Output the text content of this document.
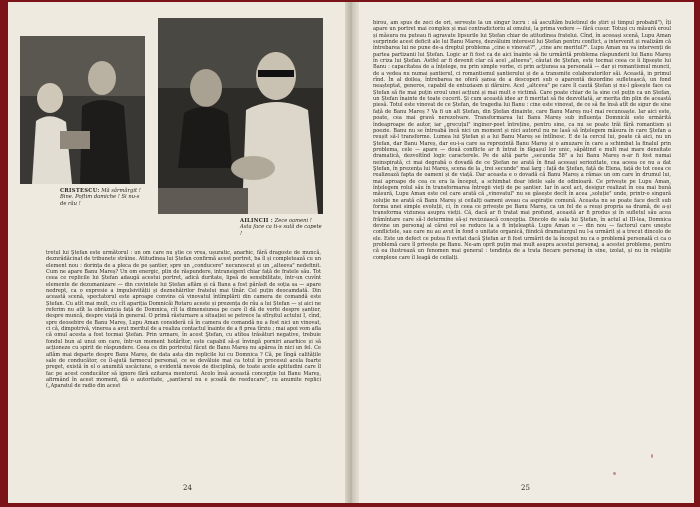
CRISTESCU: Mă sărmărgit ! Bine. Poftim damiche ! Si nu-s de rău !
AILINCII : Zece oameni ! Asta face ca ti-s sută de capete !
tretul lui Ştefan este următorul : un om care nu ştie ce vrea, ușuratic, anarhic, fără dragoste de muncă, deznrădăcinat de tribunete străine. Atitudinea lui Ștefan confirmă acest portret, ba îl și completează cu un element nou : dorința de a pleca de pe șantier, spre un „conducere" necunoscut și un „alteeva" nedefinit. Cum ne apare Banu Mareș? Un om energic, plin de răspundere, intransigent chiar față de fratele său. Tot ceea ce replicile lui Ștefan adaugă acestui portret, adică duritate, lipsă de sensibilitate, într-un cuvînt elemente de dezumanizare — din cuvintele lui Ștefan aflăm și că Banu a fost părăsit de soția sa — apare nedrept, ca o expresie a impulsivității și deznehăirilor fratelui mai tînăr. Cel puțin deocamdată. Din această scenă, spectatorul este aproape convins că vinovatul întîmplării din camera de comandă este Ștefan. Cu atît mai mult, cu cît apariția Domnicăi Rotaru aceste și prezența de rău a lui Ștefan — și aici ne referim nu atît la obrăznicia față de Domnica, cît la dimensiunea pe care îl dă de vorbi despre șantier, despre muncă, despre viață în general. O primă răsturnare a situației se petrece la sfîrșitul actului I, cînd, spre deosebire de Banu Mareș, Lupu Aman consideră că în camera de comandă nu a fost nici un vinovat, ci că, dimpotrivă, vinerea a avut meritul de a realiza contactul înainte de a fi prea tîrziu ; mai apoi vom afla că omul acesta a fost tocmai Ştefan. Prin urmare, în acest Ştefan, cu atîtea trăsături negative, trebuie fondul bun al unui om care, într-un moment hotărîtor, este capabil să-și învingă porniri anarhice și să acționeze cu spirit de răspundere. Ceea ce din portretul făcut de Banu Mareș nu apărea în nici un fel. Ce aflăm mai departe despre Banu Mareș, de data asta din replicile lui cu Domnica ? Că, pe lîngă calitățile sale de conducător, ce îl-ajută farmecul personal, ce se devăluie mai ca totul în procesul acela foarte preget, există în el o anumită uscăciune, o evidentă nevoie de disciplină, de toate acele aptitudini care îl fac pe acest conducător să ignore fără ezitarea mentorul. Acolo însă această concepție lui Banu Mareș, afirmând în acest moment, dă o autoritate, „șantierul nu e școală de reeducare", cu anumite replici („Aparatul de radio din acest
24
birou, am spus de zeci de ori, servește la un singur lucru : să ascultăm buletinul de știri și timpul probabil"), îți apare un portret mai complex și mai contradictoriu al omului, la prima vedere — fără cusur. Totuși cu măsură eroul și măsura nu puteau fi agravate lipsurile lui Ștefan chiar de atitudinea fratelui. Cînd, în aceeași scenă, Lupu Aman surprinde acest deficit ale lui Banu Mareș, dezvăluim interesul lui Ștefan pentru conflict, a intervenit și realizăm că întrebarea lui ne pune de-a dreptul problema „cine e vinovat?", „cine are meritul?". Lupu Aman nu va intervenți de partea partizanii lui Ștefan. Logic ar fi fost ca de aici înainte să fie urmărită problema răspunderii lui Banu Mareș în criza lui Ştefan. Astfel ar fi devenit clar că acel „alteeva", căutat de Ştefan, este tocmai ceea ce îi lipsește lui Banu : capacitatea de a înțelege, nu prin simple vorbe, ci prin acțiunea sa personală — dar și romantismul muncii, de a vedea nu numai șantierul, ci romantismul șantierului și de a transmite colaboratorilor săi. Această, in primul rînd. În al doilea, întrebarea ne oferă șansa de a descoperi sub o aparentă dezordine sufletească, un fond neașteptat, generos, capabil de entuziasm și dăruire. Acel „altceva" pe care îl caută Ștefan și nu-l găsește face ca Ștefan să fie mai puțin eroul unei acțiuni și mai mult o victimă. Care poate chiar de la sine cel puțin ca un Ștefan, un Ștefan înainte de toate cucerit. Și cum această idee ar fi meritat să fie dezvoltată, ar merita din plin de această piesă. Totul este vinovat de ce Ștefan, de tragedia lui Banu : cine este vinovat, de ce să fie însă atît de sigur de sine față de Banu Mareș ? Va fi un alt Ștefan, din Ştefan dinainte, care Banu Mareș nu-l mai recunoaște. Iar aici este, poate, cea mai gravă nerezolvare. Transformarea lui Banu Mareș sub influența Domnicăi este urmărită îndeaproape de autor, iar „grecuțul" inginer-poet întreține, pentru sine, ca nu se poate trăi fără romantism și poezie. Banu nu se întreabă încă nici un moment și nici autorul nu ne lasă să înțelegem măsura în care Ştefan a reușit să-l transforme. Lumea lui Ştefan și a lui Banu Mareș se întîlnesc. E de la cercul lui, poate că aici, nu un Ştefan, dar Banu Mareș, dar eu-i-a care sa reprezintă Banu Mareș și o amuzare în care a schimbat la finalul prin problema, cele — apare — două conflicte ar fi întrat în făgașul lor unic, săpătind e mult mai mare densitate dramatică, dezvoltînd logic caracterele. Pe de altă parte „secunda 58" a lui Banu Mareș n-ar fi fost numai neinspirată, ci mai degrabă o dovadă de ce Ştefan ne arată în final aceeași seriozitate, cea aceea ce nu a dat Ştefan, în prezența lui Mareș, scena de la „trei secunde" mai larg : față de Ştefan, față de Elena, față de tot ceea ce realizează fapta de oameni și de viață. Dar aceasta e o dovadă că Banu Mareș a rămas un om care în drumul lui, mai aproape de cea ce era la început, a schimbat doar ideile sale de odinioară. Ce privește pe Lupu Aman, înțelegem rolul său în transformarea întregii vieți de pe șantier. Iar în acel act, desigur realizat în cea mai bună măsură, Lupu Aman este cel care arată că „vinovatul" nu se găsește decît în acea „soluție" unde, printr-o singură soluție ne arată că Banu Mareș și ceilalți oameni aveau ca aspirație comună. Aceasta nu se poate face decît sub forma unei simple evoluții, ci, în ceea ce privește pe Banu Mareș, ca un fel de a reuși propria sa dramă, de a-și transforma viziunea asupra vieții. Că, dacă ar fi tratat mai profund, această ar fi produs și în sufletul său acea frămîntare care să-l determine să-și revizuiască concepția. Dincolo de sala lui Ştefan, în actul al III-lea, Domnica devine un personaj al cărei rol se reduce la a fi înțeleaptă. Lupu Aman e — din nou — factorul care unește conflictele, sau care nu au avut în fond o unitate organică, fiindcă dramaturgul nu l-a urmărit și a trecut dincolo de ele. Este un defect ce putea fi evitat dacă Ştefan ar fi fost urmărit de la început nu ca o problemă personală ci ca o problemă care îl privește pe Banu. Ne-am oprit puțin mai mult asupra acestui personaj, a acestei probleme, pentru că ea ilustrează un fenomen mai general : tendința de a trata fiecare personaj în sine, izolat, și nu în relațiile complexe care îl leagă de ceilalți.
25
